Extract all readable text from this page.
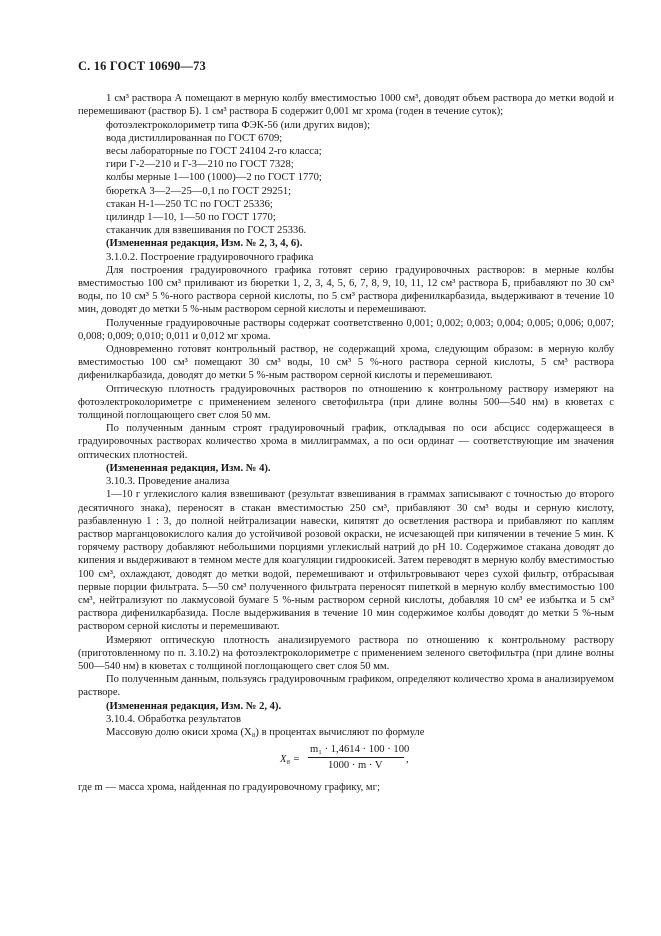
С. 16 ГОСТ 10690—73

1 см³ раствора А помещают в мерную колбу вместимостью 1000 см³, доводят объем раствора до метки водой и перемешивают (раствор Б). 1 см³ раствора Б содержит 0,001 мг хрома (годен в течение суток);

фотоэлектроколориметр типа ФЭК-56 (или других видов);

вода дистиллированная по ГОСТ 6709;

весы лабораторные по ГОСТ 24104 2-го класса;

гири Г-2—210 и Г-3—210 по ГОСТ 7328;

колбы мерные 1—100 (1000)—2 по ГОСТ 1770;

бюреткА 3—2—25—0,1 по ГОСТ 29251;

стакан Н-1—250 ТС по ГОСТ 25336;

цилиндр 1—10, 1—50 по ГОСТ 1770;

стаканчик для взвешивания по ГОСТ 25336.

(Измененная редакция, Изм. № 2, 3, 4, 6).

3.1.0.2. Построение градуировочного графика

Для построения градуировочного графика готовят серию градуировочных растворов: в мерные колбы вместимостью 100 см³ приливают из бюретки 1, 2, 3, 4, 5, 6, 7, 8, 9, 10, 11, 12 см³ раствора Б, прибавляют по 30 см³ воды, по 10 см³ 5 %-ного раствора серной кислоты, по 5 см³ раствора дифенилкарбазида, выдерживают в течение 10 мин, доводят до метки 5 %-ным раствором серной кислоты и перемешивают.

Полученные градуировочные растворы содержат соответственно 0,001; 0,002; 0,003; 0,004; 0,005; 0,006; 0,007; 0,008; 0,009; 0,010; 0,011 и 0,012 мг хрома.

Одновременно готовят контрольный раствор, не содержащий хрома, следующим образом: в мерную колбу вместимостью 100 см³ помещают 30 см³ воды, 10 см³ 5 %-ного раствора серной кислоты, 5 см³ раствора дифенилкарбазида, доводят до метки 5 %-ным раствором серной кислоты и перемешивают.

Оптическую плотность градуировочных растворов по отношению к контрольному раствору измеряют на фотоэлектроколориметре с применением зеленого светофильтра (при длине волны 500—540 нм) в кюветах с толщиной поглощающего свет слоя 50 мм.

По полученным данным строят градуировочный график, откладывая по оси абсцисс содержащееся в градуировочных растворах количество хрома в миллиграммах, а по оси ординат — соответствующие им значения оптических плотностей.

(Измененная редакция, Изм. № 4).

3.10.3. Проведение анализа

1—10 г углекислого калия взвешивают (результат взвешивания в граммах записывают с точностью до второго десятичного знака), переносят в стакан вместимостью 250 см³, прибавляют 30 см³ воды и серную кислоту, разбавленную 1 : 3, до полной нейтрализации навески, кипятят до осветления раствора и прибавляют по каплям раствор марганцовокислого калия до устойчивой розовой окраски, не исчезающей при кипячении в течение 5 мин. К горячему раствору добавляют небольшими порциями углекислый натрий до рН 10. Содержимое стакана доводят до кипения и выдерживают в темном месте для коагуляции гидроокисей. Затем переводят в мерную колбу вместимостью 100 см³, охлаждают, доводят до метки водой, перемешивают и отфильтровывают через сухой фильтр, отбрасывая первые порции фильтрата. 5—50 см³ полученного фильтрата переносят пипеткой в мерную колбу вместимостью 100 см³, нейтрализуют по лакмусовой бумаге 5 %-ным раствором серной кислоты, добавляя 10 см³ ее избытка и 5 см³ раствора дифенилкарбазида. После выдерживания в течение 10 мин содержимое колбы доводят до метки 5 %-ным раствором серной кислоты и перемешивают.

Измеряют оптическую плотность анализируемого раствора по отношению к контрольному раствору (приготовленному по п. 3.10.2) на фотоэлектроколориметре с применением зеленого светофильтра (при длине волны 500—540 нм) в кюветах с толщиной поглощающего свет слоя 50 мм.

По полученным данным, пользуясь градуировочным графиком, определяют количество хрома в анализируемом растворе.

(Измененная редакция, Изм. № 2, 4).

3.10.4. Обработка результатов

Массовую долю окиси хрома (X₈) в процентах вычисляют по формуле

X₈ =
m₁ · 1,4614 · 100 · 100
1000 · m · V
,

где m — масса хрома, найденная по градуировочному графику, мг;
